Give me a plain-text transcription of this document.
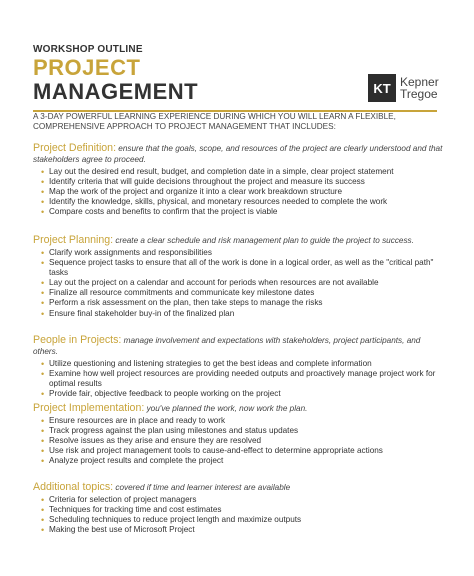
WORKSHOP OUTLINE
PROJECT
MANAGEMENT	KT Kepner
Tregoe
A 3-DAY POWERFUL LEARNING EXPERIENCE DURING WHICH YOU WILL LEARN A FLEXIBLE, COMPREHENSIVE APPROACH TO PROJECT MANAGEMENT THAT INCLUDES:
Project Definition: ensure that the goals, scope, and resources of the project are clearly understood and that stakeholders agree to proceed.
• Lay out the desired end result, budget, and completion date in a simple, clear project statement
• Identify criteria that will guide decisions throughout the project and measure its success
• Map the work of the project and organize it into a clear work breakdown structure
• Identify the knowledge, skills, physical, and monetary resources needed to complete the work
• Compare costs and benefits to confirm that the project is viable
Project Planning: create a clear schedule and risk management plan to guide the project to success.
• Clarify work assignments and responsibilities
• Sequence project tasks to ensure that all of the work is done in a logical order, as well as the "critical path" tasks
• Lay out the project on a calendar and account for periods when resources are not available
• Finalize all resource commitments and communicate key milestone dates
• Perform a risk assessment on the plan, then take steps to manage the risks
• Ensure final stakeholder buy-in of the finalized plan
People in Projects: manage involvement and expectations with stakeholders, project participants, and others.
• Utilize questioning and listening strategies to get the best ideas and complete information
• Examine how well project resources are providing needed outputs and proactively manage project work for optimal results
• Provide fair, objective feedback to people working on the project
Project Implementation: you've planned the work, now work the plan.
• Ensure resources are in place and ready to work
• Track progress against the plan using milestones and status updates
• Resolve issues as they arise and ensure they are resolved
• Use risk and project management tools to cause-and-effect to determine appropriate actions
• Analyze project results and complete the project
Additional topics: covered if time and learner interest are available
• Criteria for selection of project managers
• Techniques for tracking time and cost estimates
• Scheduling techniques to reduce project length and maximize outputs
• Making the best use of Microsoft Project
